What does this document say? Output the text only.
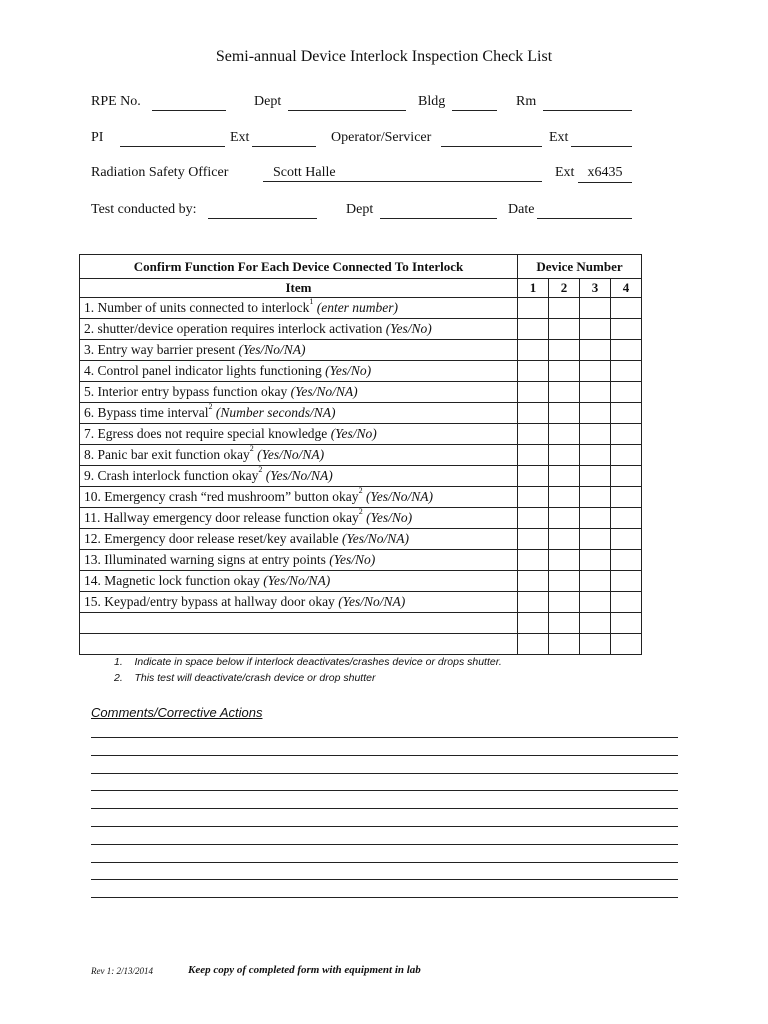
Semi-annual Device Interlock Inspection Check List
RPE No.	Dept	Bldg	Rm
PI	Ext	Operator/Servicer	Ext
Radiation Safety Officer	Scott Halle	Ext x6435
Test conducted by:	Dept	Date
Confirm Function For Each Device Connected To Interlock	Device Number			
Item	1	2	3	4
1. Number of units connected to interlock$^1$ (enter number)				
2. shutter/device operation requires interlock activation (Yes/No)				
3. Entry way barrier present (Yes/No/NA)				
4. Control panel indicator lights functioning (Yes/No)				
5. Interior entry bypass function okay (Yes/No/NA)				
6. Bypass time interval$^2$ (Number seconds/NA)				
7. Egress does not require special knowledge (Yes/No)				
8. Panic bar exit function okay$^2$ (Yes/No/NA)				
9. Crash interlock function okay$^2$ (Yes/No/NA)				
10. Emergency crash “red mushroom” button okay$^2$ (Yes/No/NA)				
11. Hallway emergency door release function okay$^2$ (Yes/No)				
12. Emergency door release reset/key available (Yes/No/NA)				
13. Illuminated warning signs at entry points (Yes/No)				
14. Magnetic lock function okay (Yes/No/NA)				
15. Keypad/entry bypass at hallway door okay (Yes/No/NA)				

1. Indicate in space below if interlock deactivates/crashes device or drops shutter.
2. This test will deactivate/crash device or drop shutter
Comments/Corrective Actions
Rev 1: 2/13/2014	Keep copy of completed form with equipment in lab
